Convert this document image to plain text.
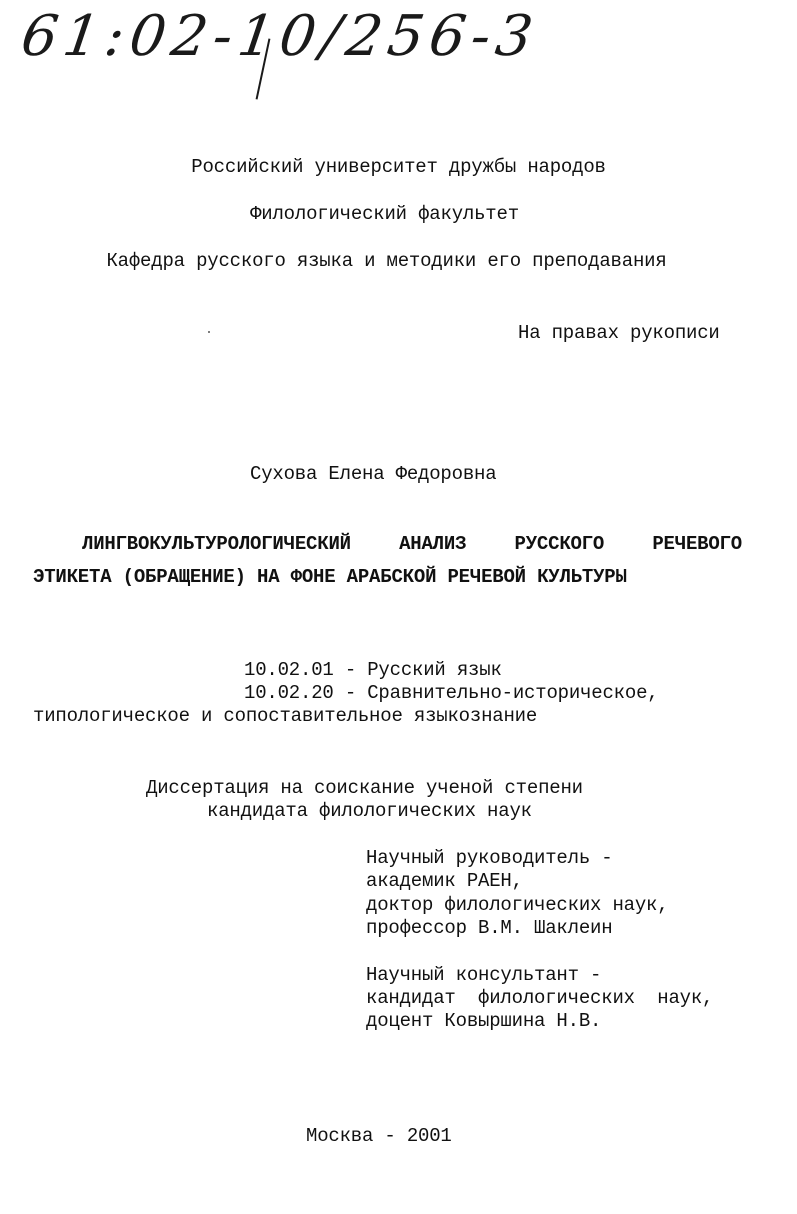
61:02-10/256-3
Российский университет дружбы народов
Филологический факультет
Кафедра русского языка и методики его преподавания
На правах рукописи
Сухова Елена Федоровна
ЛИНГВОКУЛЬТУРОЛОГИЧЕСКИЙ	АНАЛИЗ	РУССКОГО	РЕЧЕВОГО
ЭТИКЕТА (ОБРАЩЕНИЕ) НА ФОНЕ АРАБСКОЙ РЕЧЕВОЙ КУЛЬТУРЫ
10.02.01 - Русский язык
10.02.20 - Сравнительно-историческое,
типологическое и сопоставительное языкознание
Диссертация на соискание ученой степени
кандидата филологических наук
Научный руководитель -
академик РАЕН,
доктор филологических наук,
профессор В.М. Шаклеин
Научный консультант -
кандидат  филологических  наук,
доцент Ковыршина Н.В.
Москва - 2001
